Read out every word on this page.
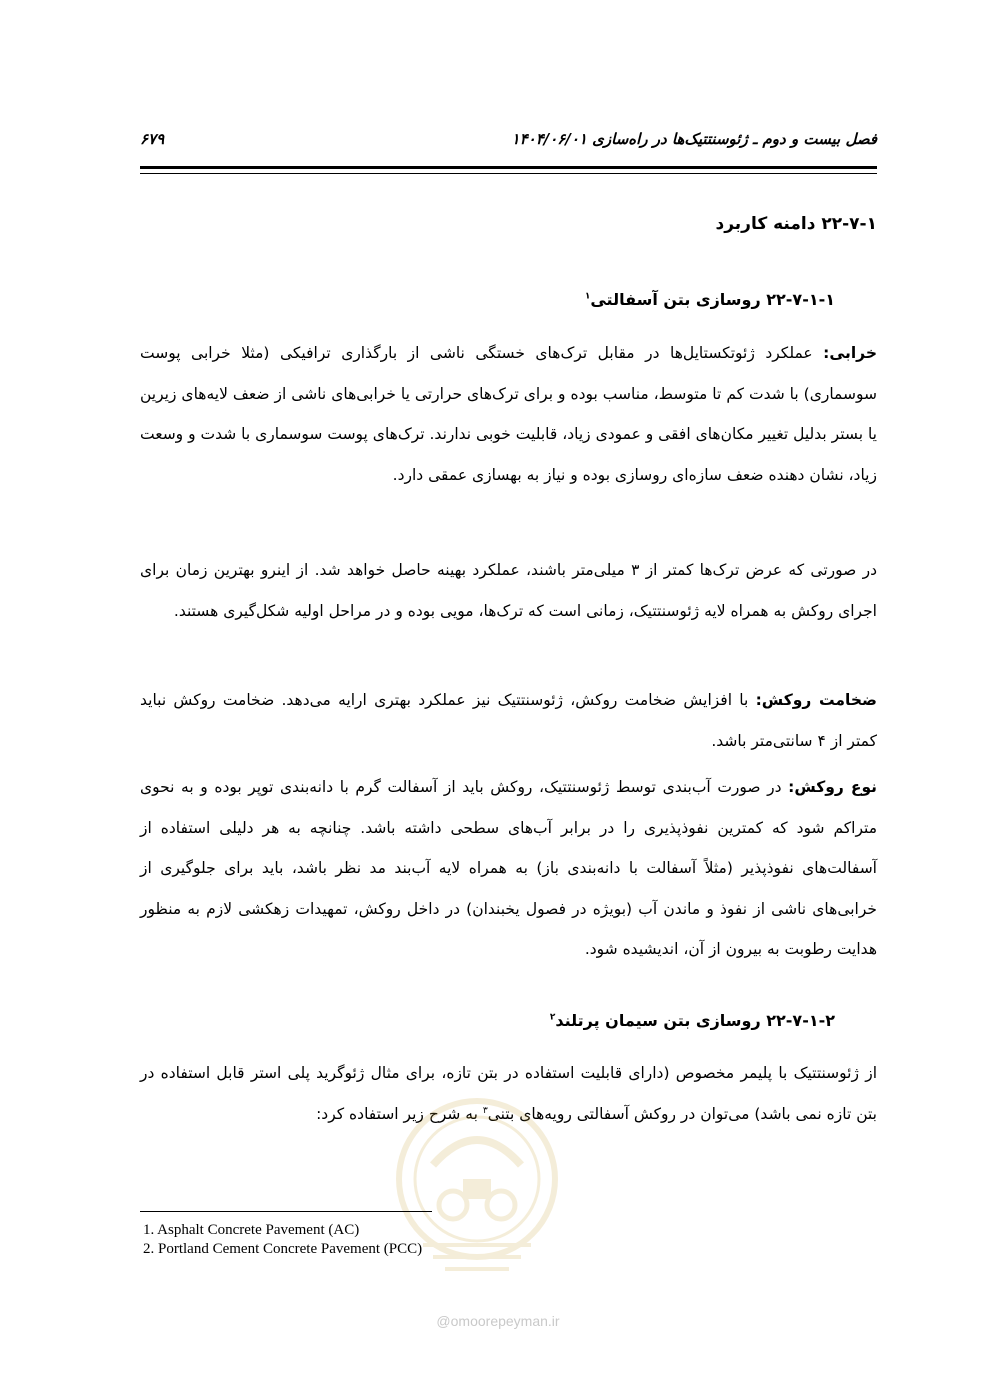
۶۷۹	فصل بیست و دوم ـ ژئوسنتتیک‌ها در راه‌سازی ۱۴۰۴/۰۶/۰۱
۲۲-۷-۱ دامنه کاربرد
۲۲-۷-۱-۱ روسازی بتن آسفالتی$^۱$

خرابی: عملکرد ژئوتکستایل‌ها در مقابل ترک‌های خستگی ناشی از بارگذاری ترافیکی (مثلا خرابی پوست سوسماری) با شدت کم تا متوسط، مناسب بوده و برای ترک‌های حرارتی یا خرابی‌های ناشی از ضعف لایه‌های زیرین یا بستر بدلیل تغییر مکان‌های افقی و عمودی زیاد، قابلیت خوبی ندارند. ترک‌های پوست سوسماری با شدت و وسعت زیاد، نشان دهنده ضعف سازه‌ای روسازی بوده و نیاز به بهسازی عمقی دارد.

در صورتی که عرض ترک‌ها کمتر از ۳ میلی‌متر باشند، عملکرد بهینه حاصل خواهد شد. از اینرو بهترین زمان برای اجرای روکش به همراه لایه ژئوسنتتیک، زمانی است که ترک‌ها، مویی بوده و در مراحل اولیه شکل‌گیری هستند.

ضخامت روکش: با افزایش ضخامت روکش، ژئوسنتتیک نیز عملکرد بهتری ارایه می‌دهد. ضخامت روکش نباید کمتر از ۴ سانتی‌متر باشد.

نوع روکش: در صورت آب‌بندی توسط ژئوسنتتیک، روکش باید از آسفالت گرم با دانه‌بندی توپر بوده و به نحوی متراکم شود که کمترین نفوذپذیری را در برابر آب‌های سطحی داشته باشد. چنانچه به هر دلیلی استفاده از آسفالت‌های نفوذپذیر (مثلاً آسفالت با دانه‌بندی باز) به همراه لایه آب‌بند مد نظر باشد، باید برای جلوگیری از خرابی‌های ناشی از نفوذ و ماندن آب (بویژه در فصول یخبندان) در داخل روکش، تمهیدات زهکشی لازم به منظور هدایت رطوبت به بیرون از آن، اندیشیده شود.

۲۲-۷-۱-۲ روسازی بتن سیمان پرتلند$^۲$

از ژئوسنتتیک با پلیمر مخصوص (دارای قابلیت استفاده در بتن تازه، برای مثال ژئوگرید پلی استر قابل استفاده در بتن تازه نمی باشد) می‌توان در روکش آسفالتی رویه‌های بتنی$^۳$ به شرح زیر استفاده کرد:

1. Asphalt Concrete Pavement (AC)
2. Portland Cement Concrete Pavement (PCC)
@omoorepeyman.ir
